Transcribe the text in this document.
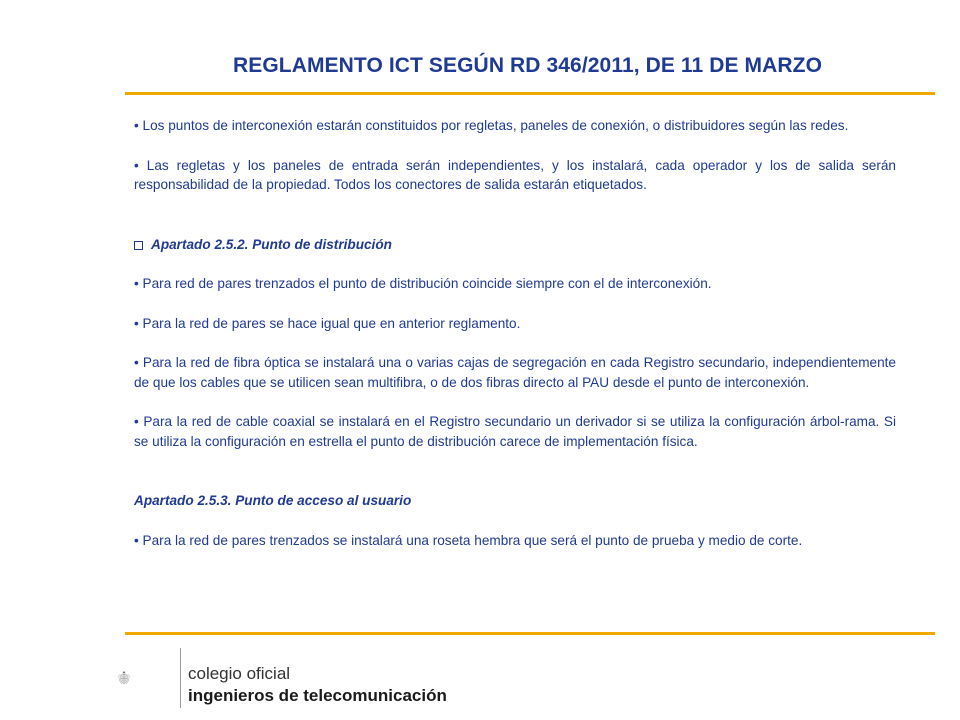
REGLAMENTO ICT SEGÚN RD 346/2011, DE 11 DE MARZO

• Los puntos de interconexión estarán constituidos por regletas, paneles de conexión, o distribuidores según las redes.

• Las regletas y los paneles de entrada serán independientes, y los instalará, cada operador y los de salida serán responsabilidad de la propiedad. Todos los conectores de salida estarán etiquetados.

Apartado 2.5.2. Punto de distribución

• Para red de pares trenzados el punto de distribución coincide siempre con el de interconexión.

• Para la red de pares se hace igual que en anterior reglamento.

• Para la red de fibra óptica se instalará una o varias cajas de segregación en cada Registro secundario, independientemente de que los cables que se utilicen sean multifibra, o de dos fibras directo al PAU desde el punto de interconexión.

• Para la red de cable coaxial se instalará en el Registro secundario un derivador si se utiliza la configuración árbol-rama. Si se utiliza la configuración en estrella el punto de distribución carece de implementación física.

Apartado 2.5.3. Punto de acceso al usuario

• Para la red de pares trenzados se instalará una roseta hembra que será el punto de prueba y medio de corte.

colegio oficial
ingenieros de telecomunicación
